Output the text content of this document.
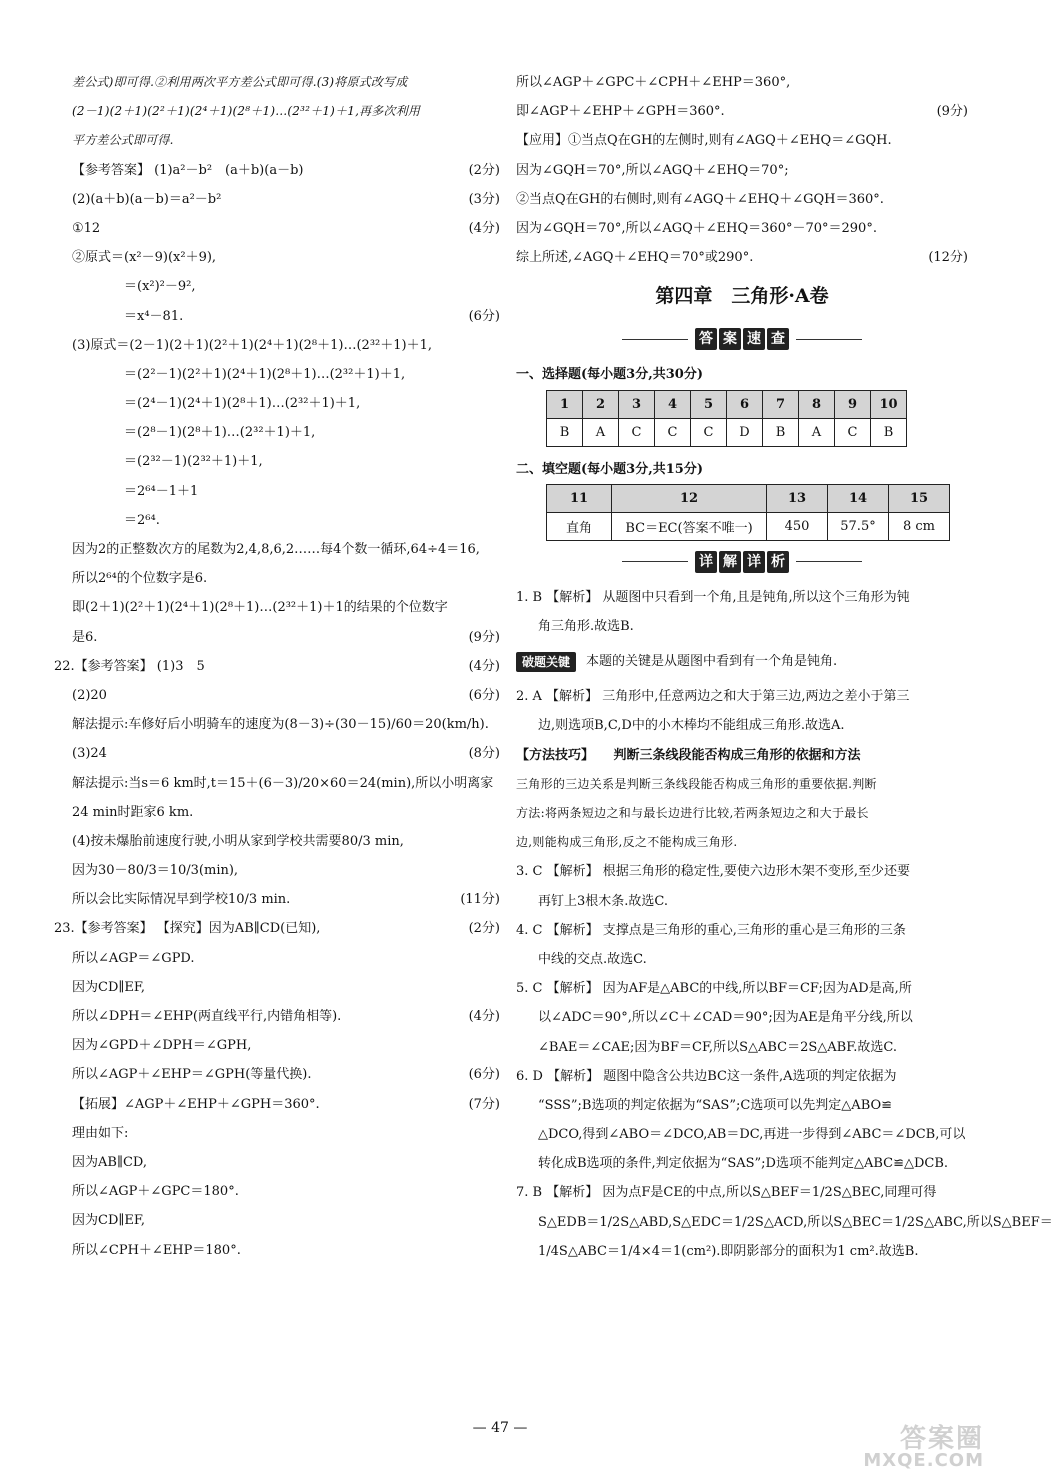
差公式)即可得.②利用两次平方差公式即可得.(3)将原式改写成
(2－1)(2＋1)(2²＋1)(2⁴＋1)(2⁸＋1)…(2³²＋1)＋1,再多次利用
平方差公式即可得.
【参考答案】 (1)a²－b²　(a＋b)(a－b)	(2分)
(2)(a＋b)(a－b)＝a²－b²	(3分)
①12	(4分)
②原式＝(x²－9)(x²＋9),
＝(x²)²－9²,
＝x⁴－81.	(6分)
(3)原式＝(2－1)(2＋1)(2²＋1)(2⁴＋1)(2⁸＋1)…(2³²＋1)＋1,
＝(2²－1)(2²＋1)(2⁴＋1)(2⁸＋1)…(2³²＋1)＋1,
＝(2⁴－1)(2⁴＋1)(2⁸＋1)…(2³²＋1)＋1,
＝(2⁸－1)(2⁸＋1)…(2³²＋1)＋1,
＝(2³²－1)(2³²＋1)＋1,
＝2⁶⁴－1＋1
＝2⁶⁴.
因为2的正整数次方的尾数为2,4,8,6,2……每4个数一循环,64÷4＝16,
所以2⁶⁴的个位数字是6.
即(2＋1)(2²＋1)(2⁴＋1)(2⁸＋1)…(2³²＋1)＋1的结果的个位数字
是6.	(9分)
22.【参考答案】 (1)3　5	(4分)
(2)20	(6分)
解法提示:车修好后小明骑车的速度为(8－3)÷(30－15)/60＝20(km/h).
(3)24	(8分)
解法提示:当s＝6 km时,t＝15＋(6－3)/20×60＝24(min),所以小明离家
24 min时距家6 km.
(4)按未爆胎前速度行驶,小明从家到学校共需要80/3 min,
因为30－80/3＝10/3(min),
所以会比实际情况早到学校10/3 min.	(11分)
23.【参考答案】 【探究】因为AB∥CD(已知),	(2分)
所以∠AGP＝∠GPD.
因为CD∥EF,
所以∠DPH＝∠EHP(两直线平行,内错角相等).	(4分)
因为∠GPD＋∠DPH＝∠GPH,
所以∠AGP＋∠EHP＝∠GPH(等量代换).	(6分)
【拓展】∠AGP＋∠EHP＋∠GPH＝360°.	(7分)
理由如下:
因为AB∥CD,
所以∠AGP＋∠GPC＝180°.
因为CD∥EF,
所以∠CPH＋∠EHP＝180°.
所以∠AGP＋∠GPC＋∠CPH＋∠EHP＝360°,
即∠AGP＋∠EHP＋∠GPH＝360°.	(9分)
【应用】①当点Q在GH的左侧时,则有∠AGQ＋∠EHQ＝∠GQH.
因为∠GQH＝70°,所以∠AGQ＋∠EHQ＝70°;
②当点Q在GH的右侧时,则有∠AGQ＋∠EHQ＋∠GQH＝360°.
因为∠GQH＝70°,所以∠AGQ＋∠EHQ＝360°－70°＝290°.
综上所述,∠AGQ＋∠EHQ＝70°或290°.	(12分)
第四章　三角形·A卷
答 案 速 查
一、选择题(每小题3分,共30分)
1	2	3	4	5	6	7	8	9	10
B	A	C	C	C	D	B	A	C	B
二、填空题(每小题3分,共15分)
11	12	13	14	15
直角	BC＝EC(答案不唯一)	450	57.5°	8 cm
详 解 详 析
1. B 【解析】 从题图中只看到一个角,且是钝角,所以这个三角形为钝
角三角形.故选B.
破题关键 本题的关键是从题图中看到有一个角是钝角.
2. A 【解析】 三角形中,任意两边之和大于第三边,两边之差小于第三
边,则选项B,C,D中的小木棒均不能组成三角形.故选A.
【方法技巧】　　判断三条线段能否构成三角形的依据和方法
三角形的三边关系是判断三条线段能否构成三角形的重要依据.判断
方法:将两条短边之和与最长边进行比较,若两条短边之和大于最长
边,则能构成三角形,反之不能构成三角形.
3. C 【解析】 根据三角形的稳定性,要使六边形木架不变形,至少还要
再钉上3根木条.故选C.
4. C 【解析】 支撑点是三角形的重心,三角形的重心是三角形的三条
中线的交点.故选C.
5. C 【解析】 因为AF是△ABC的中线,所以BF＝CF;因为AD是高,所
以∠ADC＝90°,所以∠C＋∠CAD＝90°;因为AE是角平分线,所以
∠BAE＝∠CAE;因为BF＝CF,所以S△ABC＝2S△ABF.故选C.
6. D 【解析】 题图中隐含公共边BC这一条件,A选项的判定依据为
“SSS”;B选项的判定依据为“SAS”;C选项可以先判定△ABO≌
△DCO,得到∠ABO＝∠DCO,AB＝DC,再进一步得到∠ABC＝∠DCB,可以
转化成B选项的条件,判定依据为“SAS”;D选项不能判定△ABC≌△DCB.
7. B 【解析】 因为点F是CE的中点,所以S△BEF＝1/2S△BEC,同理可得
S△EDB＝1/2S△ABD,S△EDC＝1/2S△ACD,所以S△BEC＝1/2S△ABC,所以S△BEF＝
1/4S△ABC＝1/4×4＝1(cm²).即阴影部分的面积为1 cm².故选B.
— 47 —	答案圈
MXQE.COM
